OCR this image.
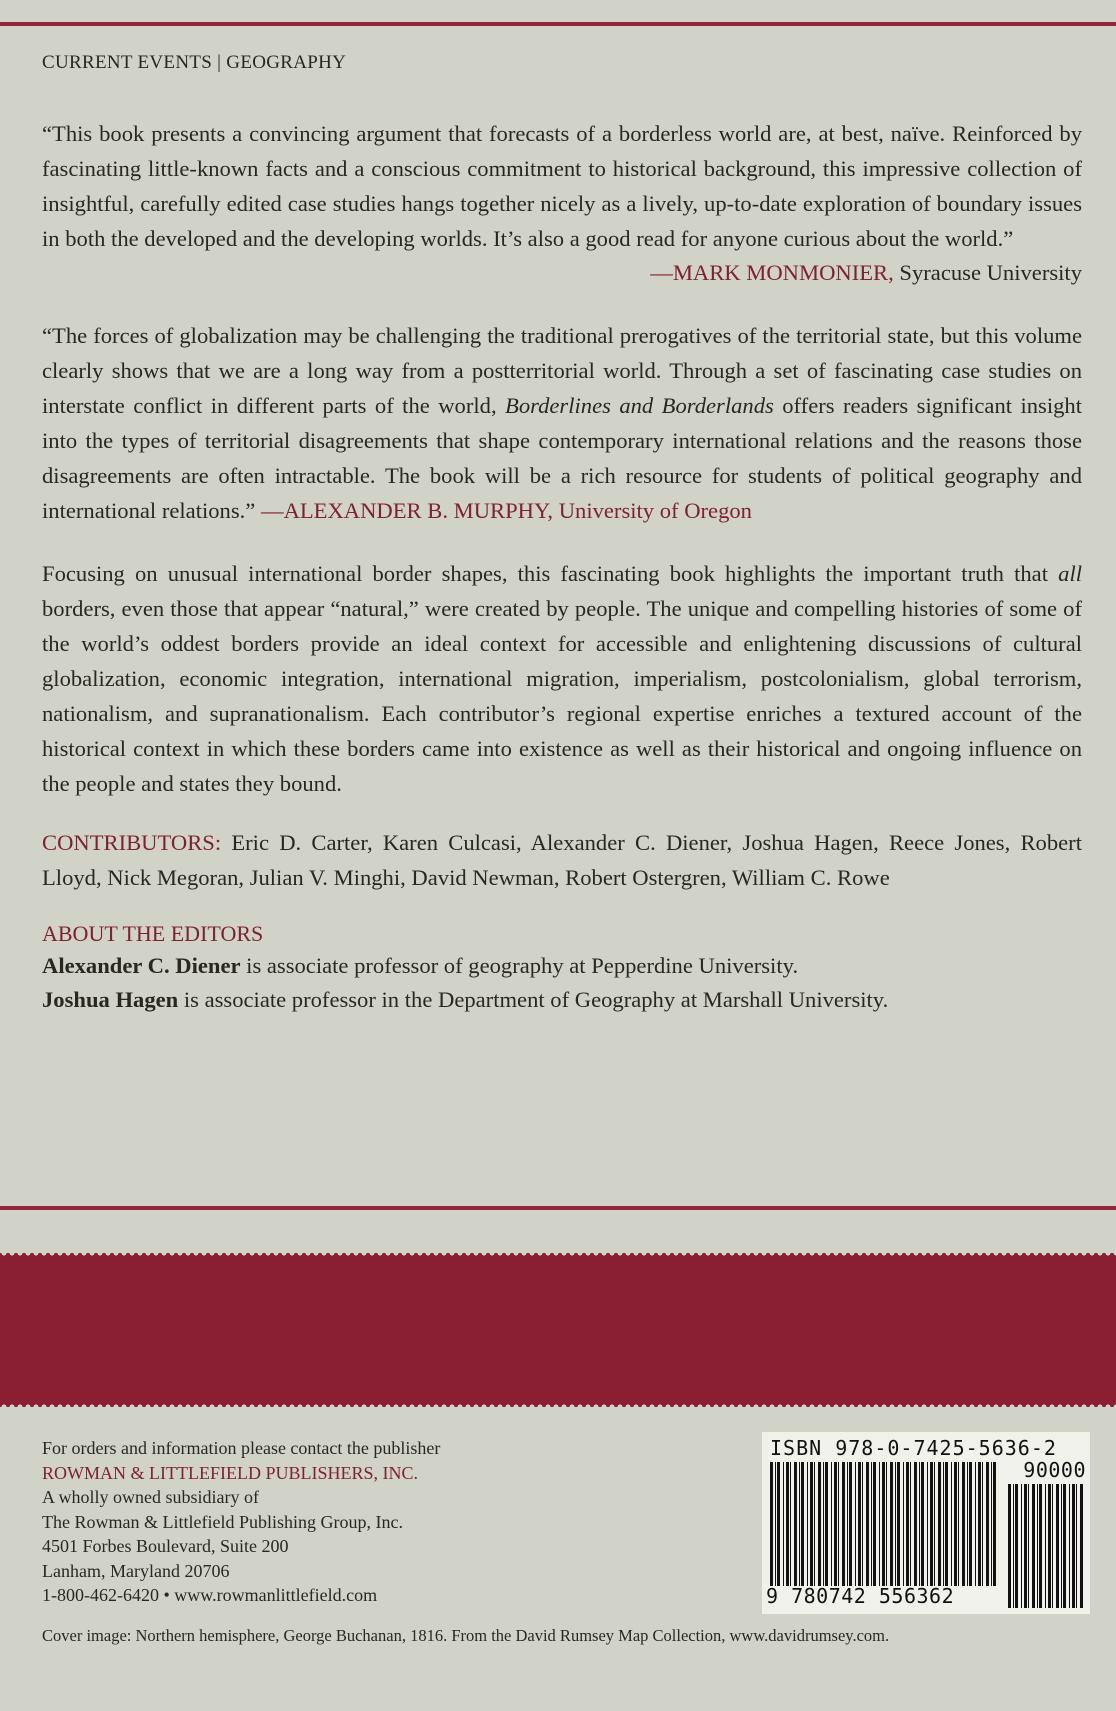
CURRENT EVENTS | GEOGRAPHY

“This book presents a convincing argument that forecasts of a borderless world are, at best, naïve. Reinforced by fascinating little-known facts and a conscious commitment to historical background, this impressive collection of insightful, carefully edited case studies hangs together nicely as a lively, up-to-date exploration of boundary issues in both the developed and the developing worlds. It’s also a good read for anyone curious about the world.”

—MARK MONMONIER, Syracuse University

“The forces of globalization may be challenging the traditional prerogatives of the territorial state, but this volume clearly shows that we are a long way from a postterritorial world. Through a set of fascinating case studies on interstate conflict in different parts of the world, Borderlines and Borderlands offers readers significant insight into the types of territorial disagreements that shape contemporary international relations and the reasons those disagreements are often intractable. The book will be a rich resource for students of political geography and international relations.” —ALEXANDER B. MURPHY, University of Oregon

Focusing on unusual international border shapes, this fascinating book highlights the important truth that all borders, even those that appear “natural,” were created by people. The unique and compelling histories of some of the world’s oddest borders provide an ideal context for accessible and enlightening discussions of cultural globalization, economic integration, international migration, imperialism, postcolonialism, global terrorism, nationalism, and supranationalism. Each contributor’s regional expertise enriches a textured account of the historical context in which these borders came into existence as well as their historical and ongoing influence on the people and states they bound.

CONTRIBUTORS: Eric D. Carter, Karen Culcasi, Alexander C. Diener, Joshua Hagen, Reece Jones, Robert Lloyd, Nick Megoran, Julian V. Minghi, David Newman, Robert Ostergren, William C. Rowe

ABOUT THE EDITORS
Alexander C. Diener is associate professor of geography at Pepperdine University.
Joshua Hagen is associate professor in the Department of Geography at Marshall University.
For orders and information please contact the publisher
ROWMAN & LITTLEFIELD PUBLISHERS, INC.
A wholly owned subsidiary of
The Rowman & Littlefield Publishing Group, Inc.
4501 Forbes Boulevard, Suite 200
Lanham, Maryland 20706
1-800-462-6420 • www.rowmanlittlefield.com
ISBN 978-0-7425-5636-2
90000
9 780742 556362
Cover image: Northern hemisphere, George Buchanan, 1816. From the David Rumsey Map Collection, www.davidrumsey.com.
